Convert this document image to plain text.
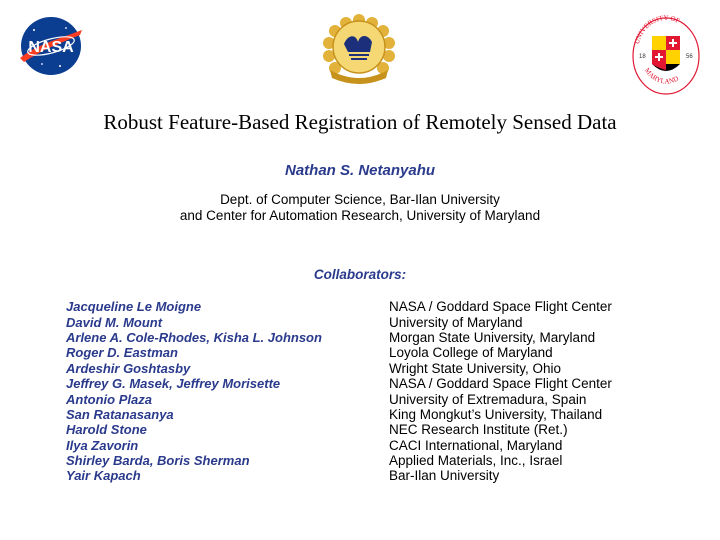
NASA	UNIVERSITY OF
MARYLAND
18	56
Robust Feature-Based Registration of Remotely Sensed Data
Nathan S. Netanyahu
Dept. of Computer Science, Bar-Ilan University
and Center for Automation Research, University of Maryland
Collaborators:
Jacqueline Le Moigne	NASA / Goddard Space Flight Center
David M. Mount	University of Maryland
Arlene A. Cole-Rhodes, Kisha L. Johnson	Morgan State University, Maryland
Roger D. Eastman	Loyola College of Maryland
Ardeshir Goshtasby	Wright State University, Ohio
Jeffrey G. Masek, Jeffrey Morisette	NASA / Goddard Space Flight Center
Antonio Plaza	University of Extremadura, Spain
San Ratanasanya	King Mongkut’s University, Thailand
Harold Stone	NEC Research Institute (Ret.)
Ilya Zavorin	CACI International, Maryland
Shirley Barda, Boris Sherman	Applied Materials, Inc., Israel
Yair Kapach	Bar-Ilan University
